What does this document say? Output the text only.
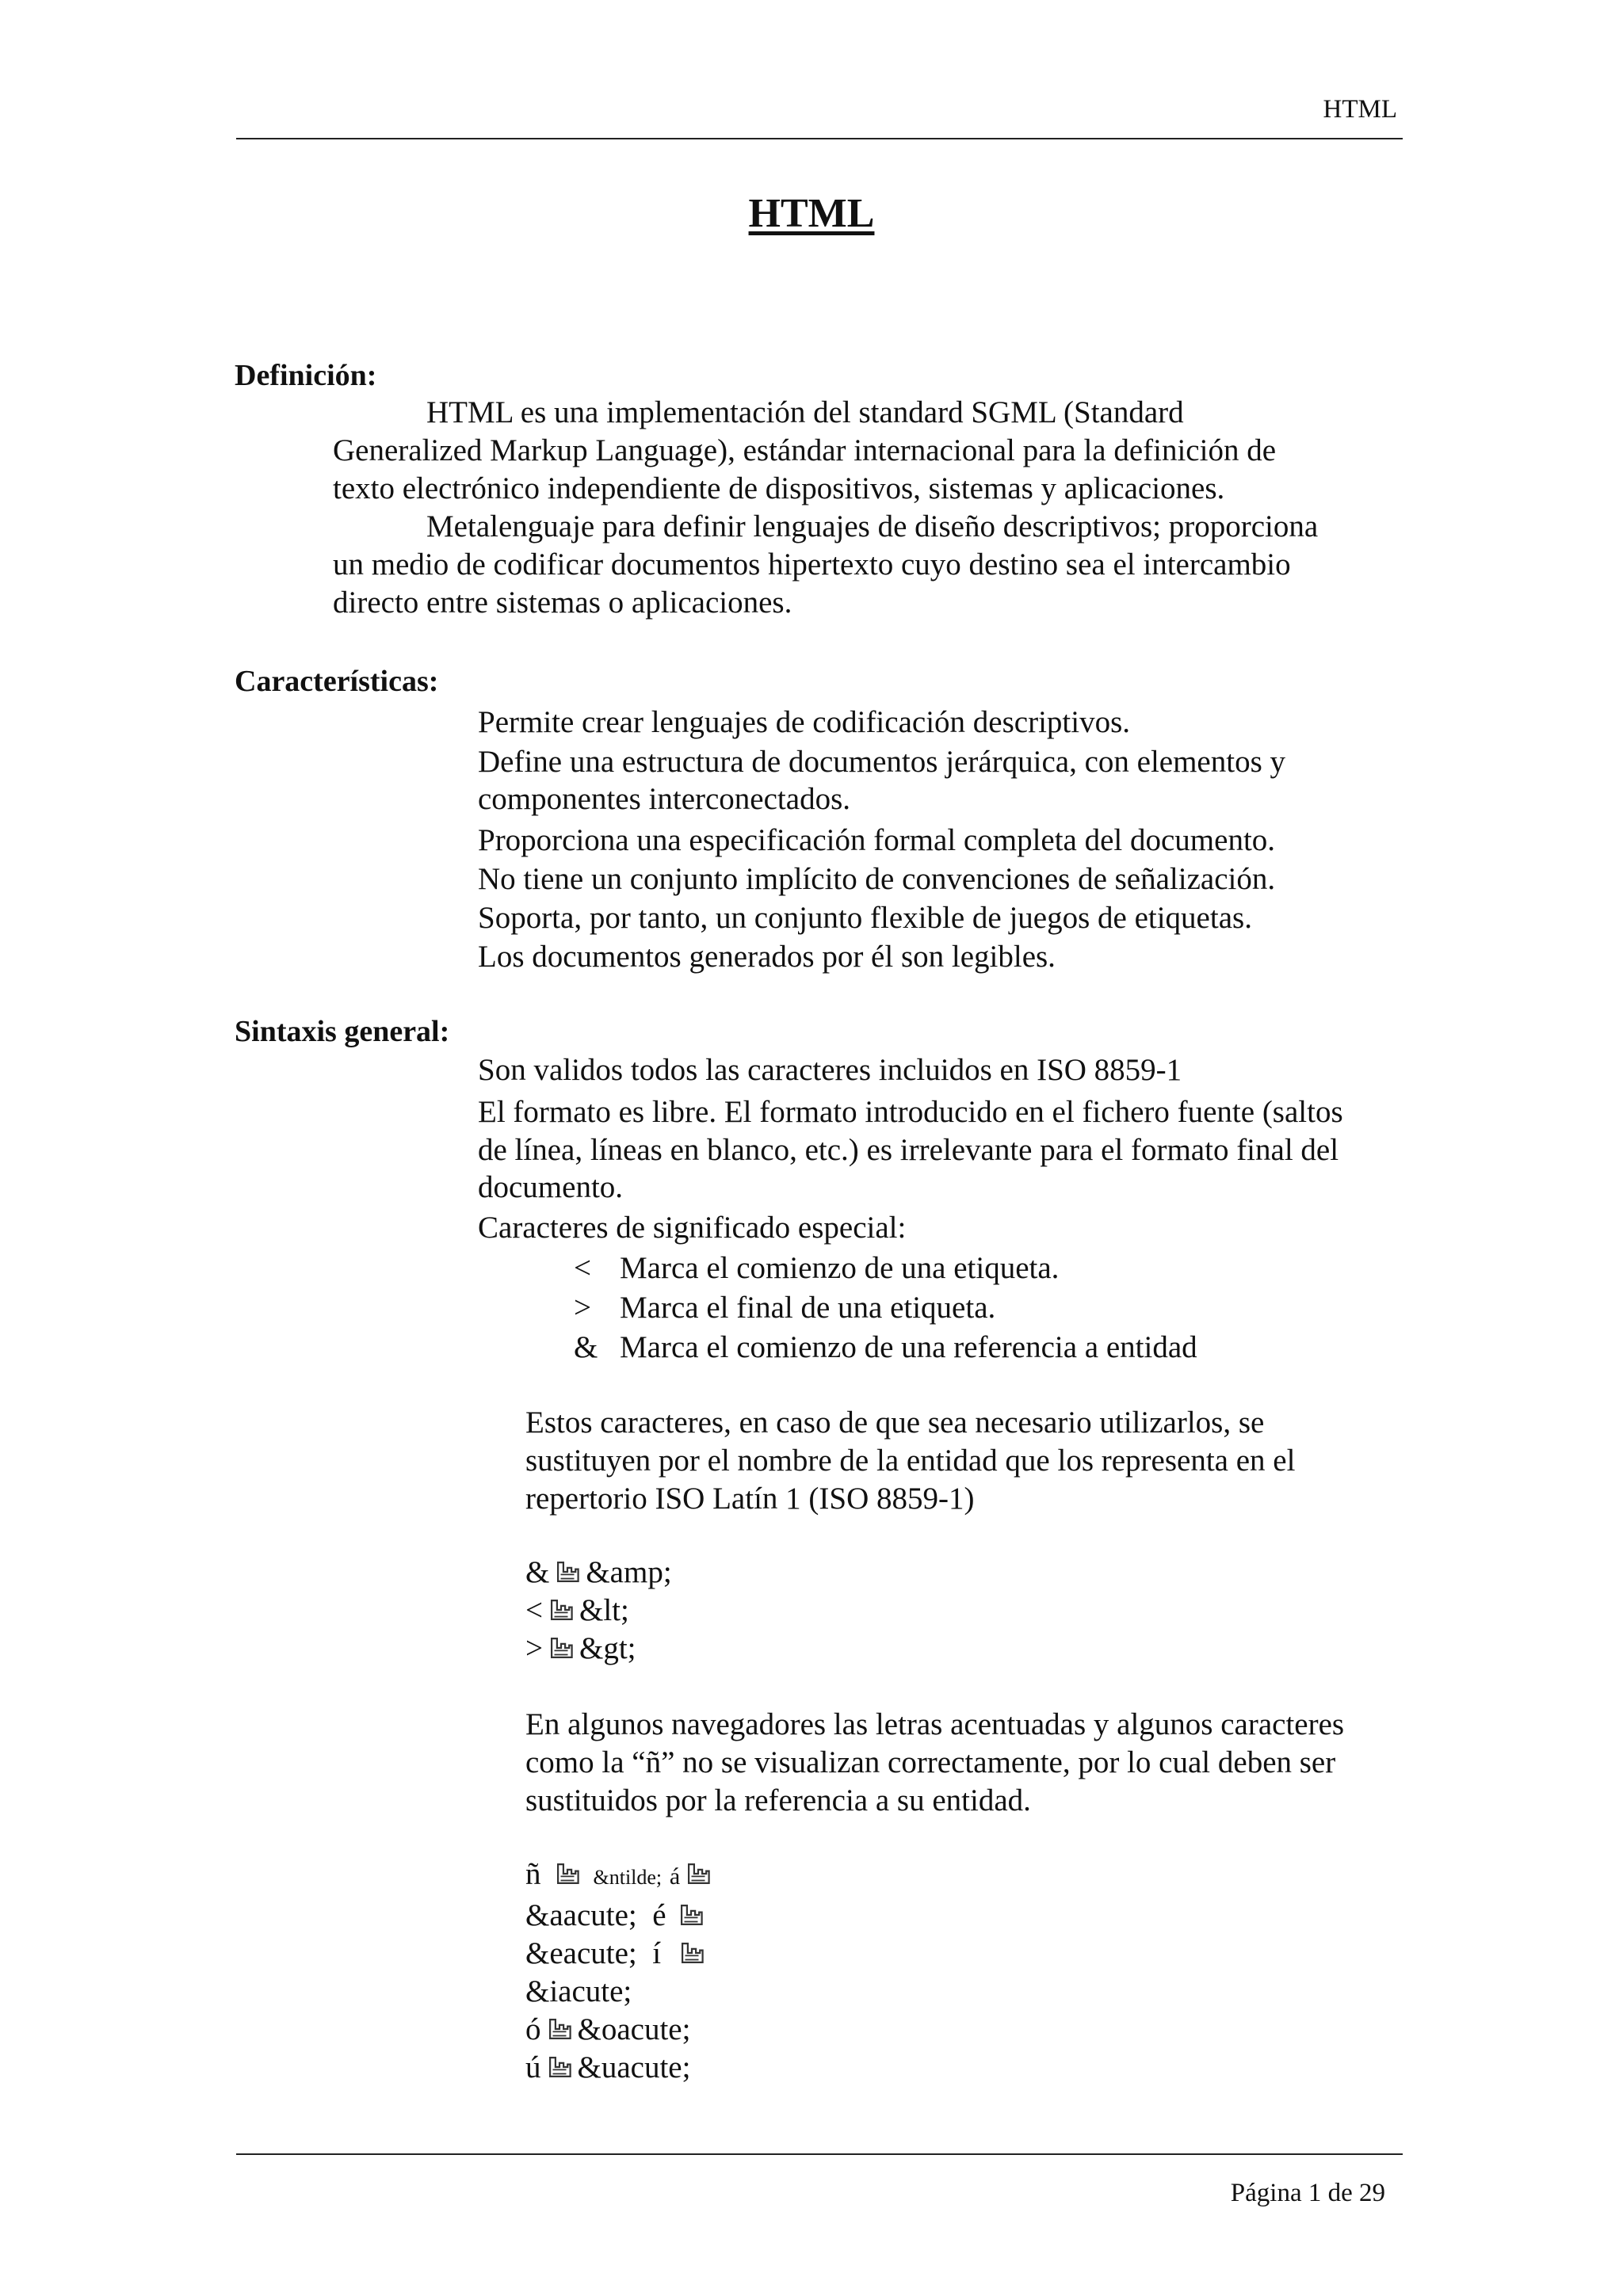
HTML
HTML
Definición:
HTML es una implementación del standard SGML (Standard
Generalized Markup Language), estándar internacional para la definición de
texto electrónico independiente de dispositivos, sistemas y aplicaciones.
Metalenguaje para definir lenguajes de diseño descriptivos; proporciona
un medio de codificar documentos hipertexto cuyo destino sea el intercambio
directo entre sistemas o aplicaciones.
Características:
Permite crear lenguajes de codificación descriptivos.
Define una estructura de documentos jerárquica, con elementos y
componentes interconectados.
Proporciona una especificación formal completa del documento.
No tiene un conjunto implícito de convenciones de señalización.
Soporta, por tanto, un conjunto flexible de juegos de etiquetas.
Los documentos generados por él son legibles.
Sintaxis general:
Son validos todos las caracteres incluidos en ISO 8859-1
El formato es libre. El formato introducido en el fichero fuente (saltos
de línea, líneas en blanco, etc.) es irrelevante para el formato final del
documento.
Caracteres de significado especial:
< Marca el comienzo de una etiqueta.
> Marca el final de una etiqueta.
& Marca el comienzo de una referencia a entidad
Estos caracteres, en caso de que sea necesario utilizarlos, se
sustituyen por el nombre de la entidad que los representa en el
repertorio ISO Latín 1 (ISO 8859-1)
& &amp;
< &lt;
> &gt;
En algunos navegadores las letras acentuadas y algunos caracteres
como la “ñ” no se visualizan correctamente, por lo cual deben ser
sustituidos por la referencia a su entidad.
ñ	&ntilde; á
&aacute; é
&eacute; í
&iacute;
ó &oacute;
ú &uacute;
Página 1 de 29
